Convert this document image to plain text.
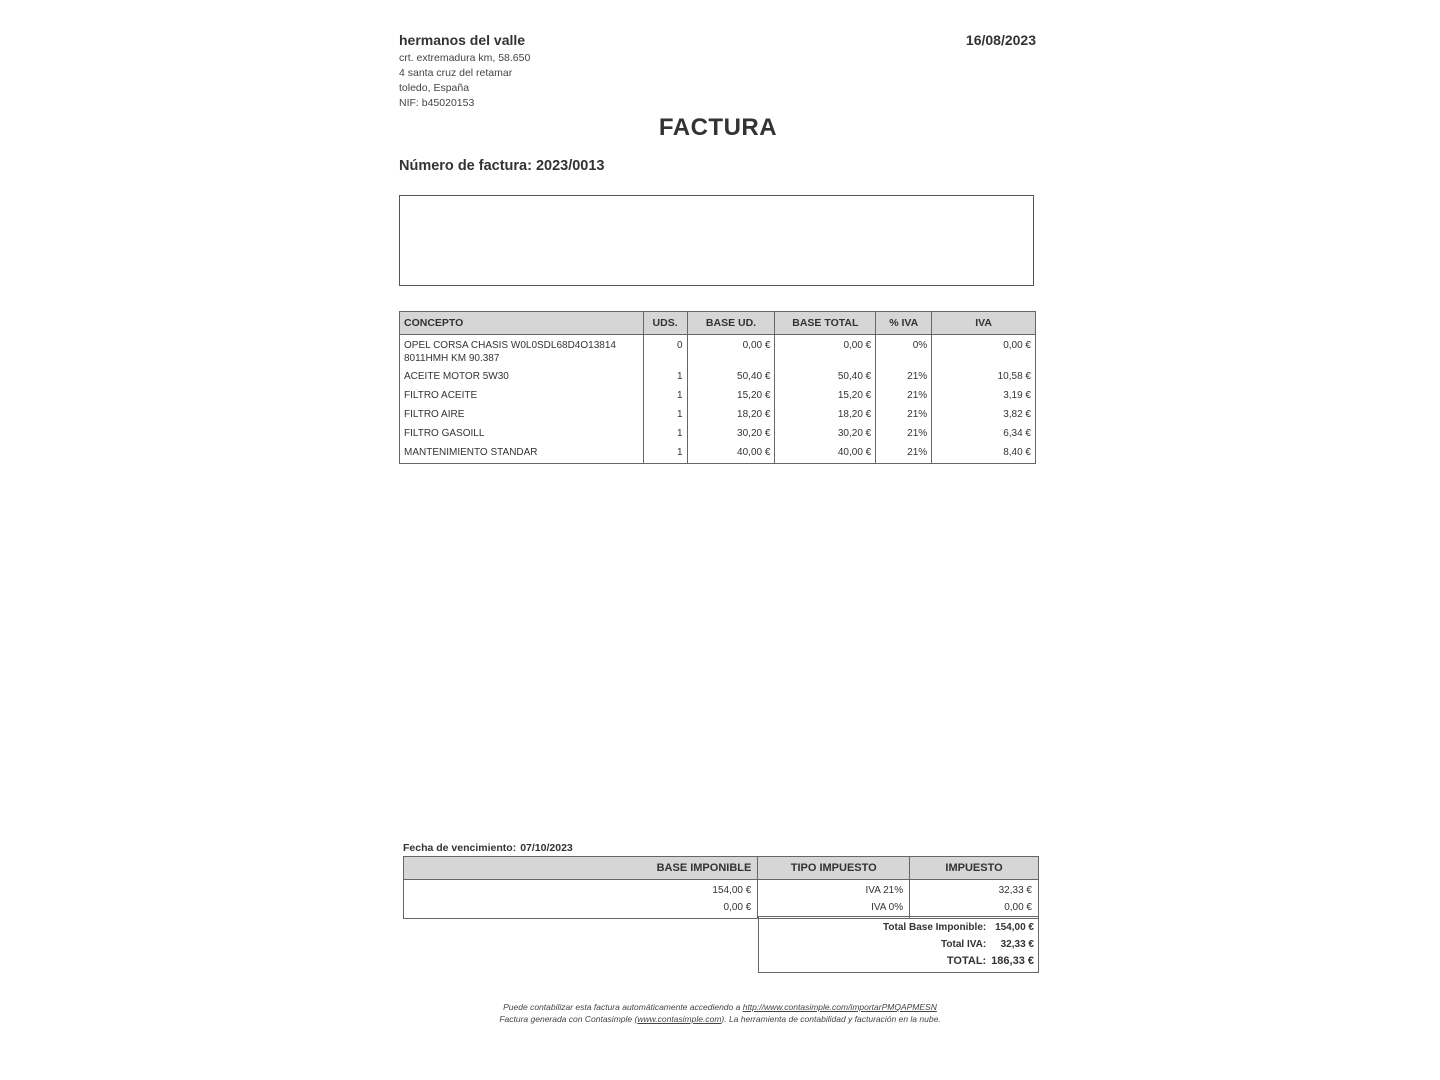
hermanos del valle
crt. extremadura km, 58.650
4 santa cruz del retamar
toledo, España
NIF: b45020153
16/08/2023
FACTURA
Número de factura: 2023/0013
CONCEPTO	UDS.	BASE UD.	BASE TOTAL	% IVA	IVA
OPEL CORSA CHASIS W0L0SDL68D4O13814 8011HMH KM 90.387	0	0,00 €	0,00 €	0%	0,00 €
ACEITE MOTOR 5W30	1	50,40 €	50,40 €	21%	10,58 €
FILTRO ACEITE	1	15,20 €	15,20 €	21%	3,19 €
FILTRO AIRE	1	18,20 €	18,20 €	21%	3,82 €
FILTRO GASOILL	1	30,20 €	30,20 €	21%	6,34 €
MANTENIMIENTO STANDAR	1	40,00 €	40,00 €	21%	8,40 €
Fecha de vencimiento: 07/10/2023
BASE IMPONIBLE	TIPO IMPUESTO	IMPUESTO
154,00 €	IVA 21%	32,33 €
0,00 €	IVA 0%	0,00 €
Total Base Imponible: 154,00 €
Total IVA: 32,33 €
TOTAL: 186,33 €
Puede contabilizar esta factura automáticamente accediendo a http://www.contasimple.com/importarPMQAPMESN
Factura generada con Contasimple (www.contasimple.com). La herramienta de contabilidad y facturación en la nube.
